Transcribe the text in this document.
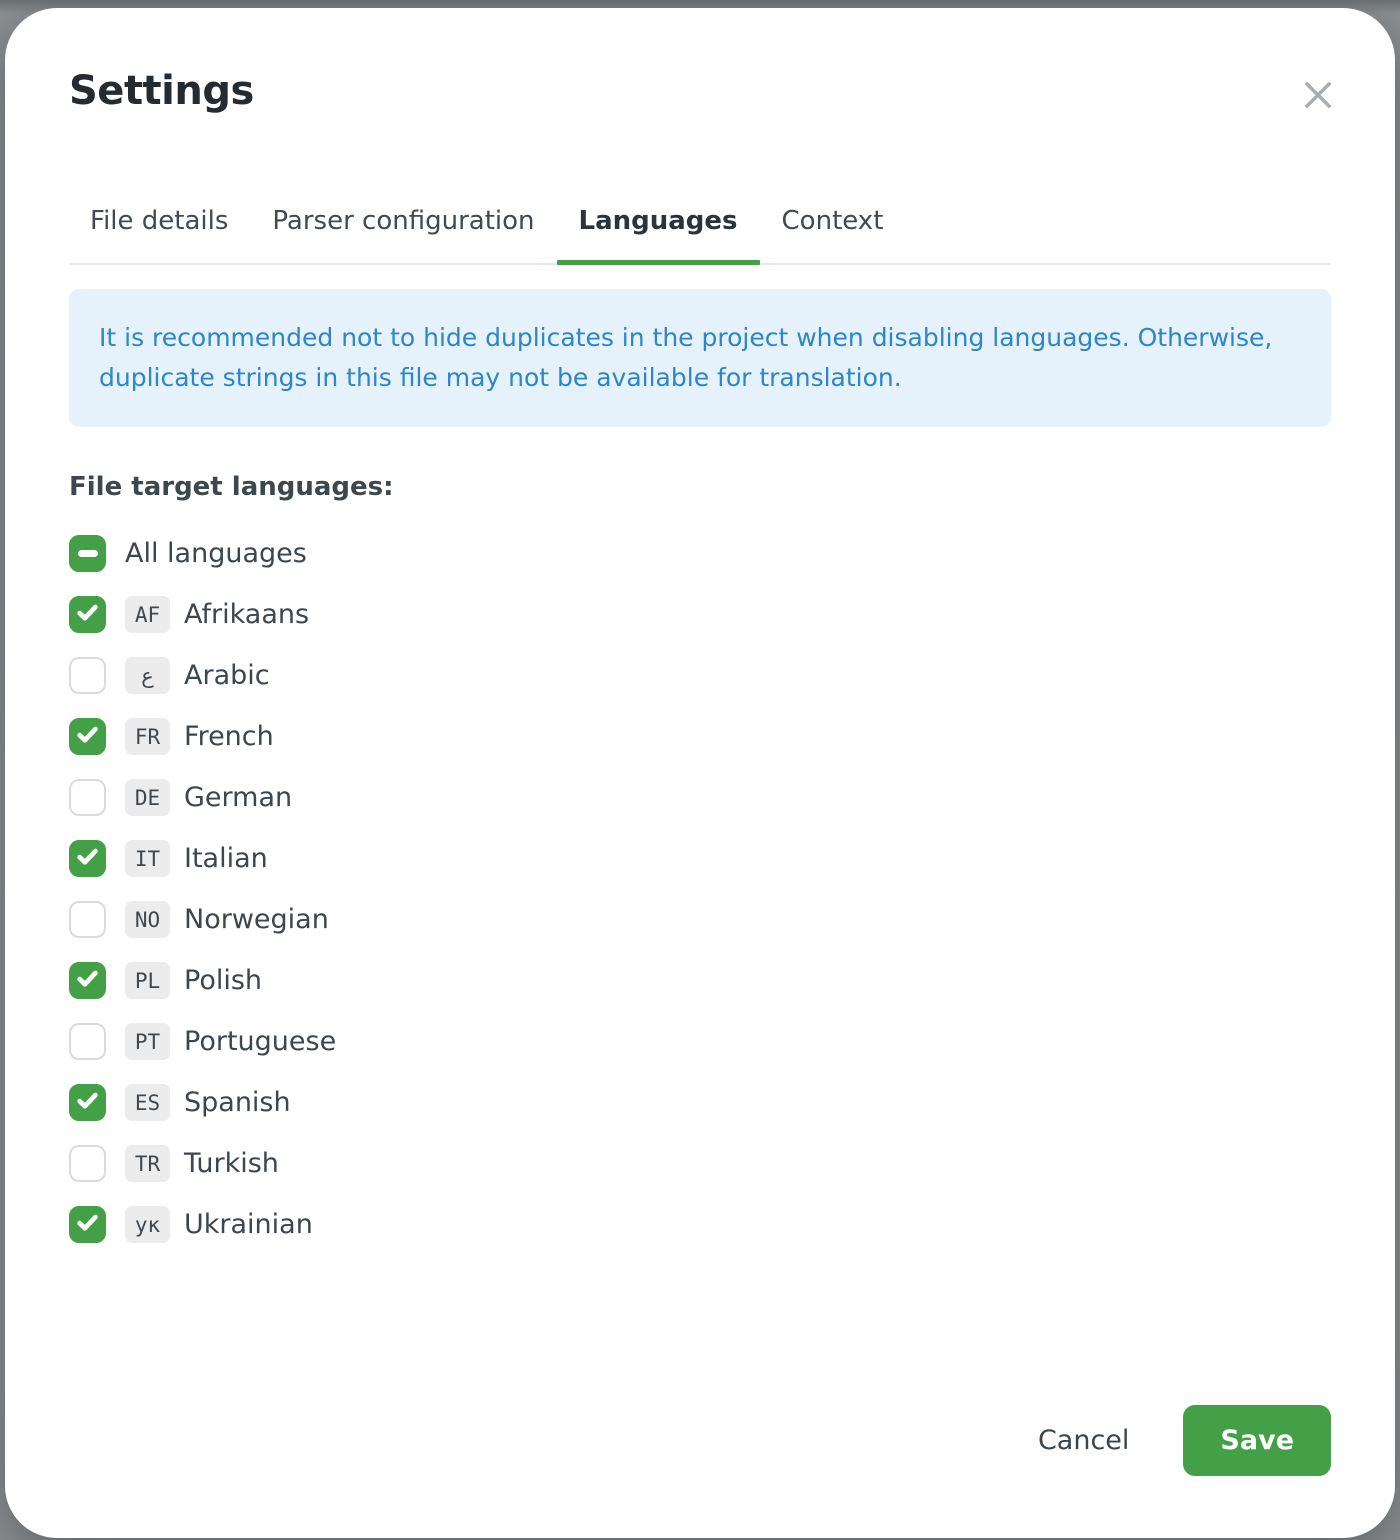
Settings
File details	Parser configuration	Languages	Context
It is recommended not to hide duplicates in the project when disabling languages. Otherwise, duplicate strings in this file may not be available for translation.
File target languages:
All languages
AF Afrikaans
ع	Arabic
FR French
DE German
IT Italian
NO Norwegian
PL Polish
PT Portuguese
ES Spanish
TR Turkish
ук Ukrainian
Cancel	Save
